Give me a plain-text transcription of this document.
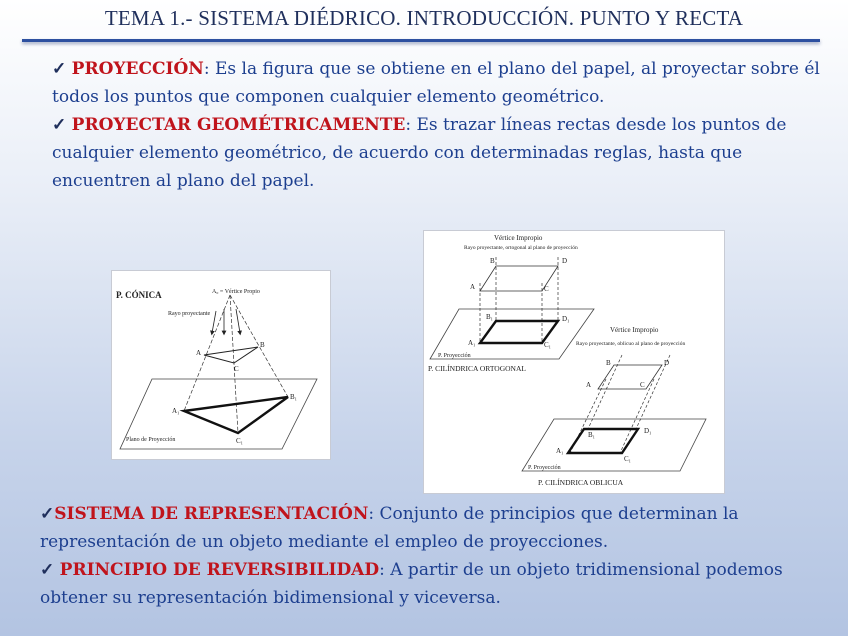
TEMA 1.- SISTEMA DIÉDRICO. INTRODUCCIÓN. PUNTO Y RECTA
✓ PROYECCIÓN: Es la figura que se obtiene en el plano del papel, al proyectar sobre él todos los puntos que componen cualquier elemento geométrico.
✓ PROYECTAR GEOMÉTRICAMENTE: Es trazar líneas rectas desde los puntos de cualquier elemento geométrico, de acuerdo con determinadas reglas, hasta que encuentren al plano del papel.
P. CÓNICA	A₀ = Vértice Propio
Rayo proyectante
Plano de Proyección
A
B
C
A₁
B₁
C₁
Vértice Impropio
Rayo proyectante, ortogonal al plano de proyección
B	D
A	C
B₁	D₁
A₁	C₁
P. Proyección
P. CILÍNDRICA ORTOGONAL
Vértice Impropio
Rayo proyectante, oblicuo al plano de proyección
B	D
A	C
B₁	D₁
A₁
C₁
P. Proyección
P. CILÍNDRICA OBLICUA
✓SISTEMA DE REPRESENTACIÓN: Conjunto de principios que determinan la representación de un objeto mediante el empleo de proyecciones.
✓ PRINCIPIO DE REVERSIBILIDAD: A partir de un objeto tridimensional podemos obtener su representación bidimensional y viceversa.
